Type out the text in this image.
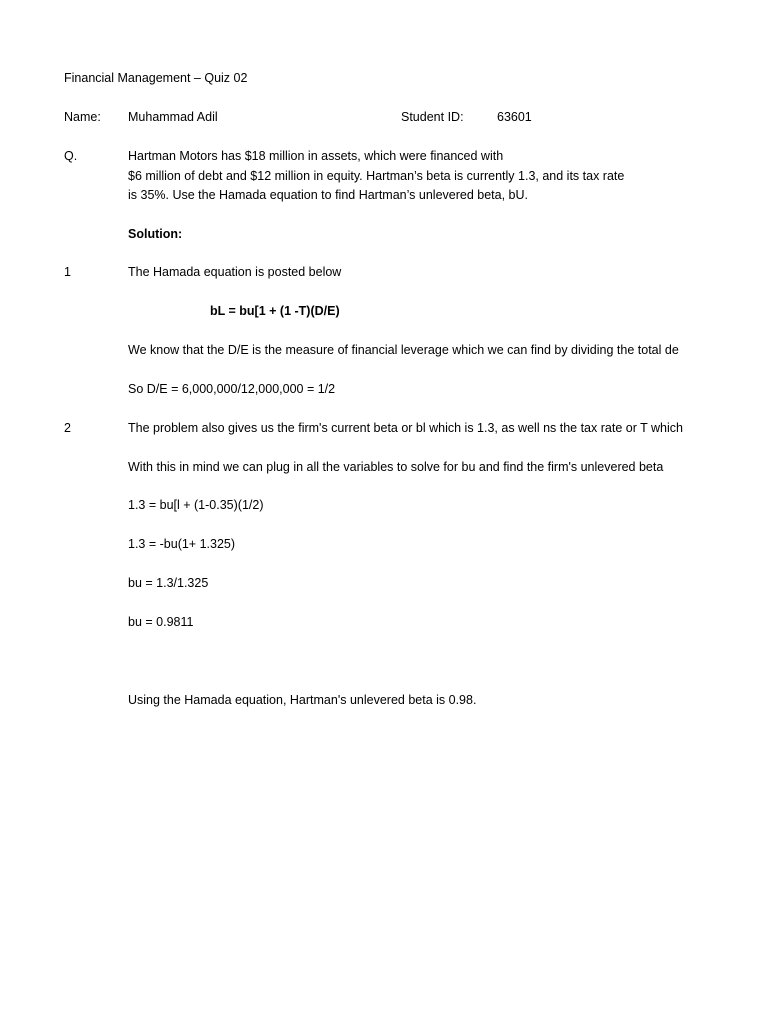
Financial Management – Quiz 02
Name: Muhammad Adil	Student ID:	63601
Q.	Hartman Motors has $18 million in assets, which were financed with
$6 million of debt and $12 million in equity. Hartman’s beta is currently 1.3, and its tax rate
is 35%. Use the Hamada equation to find Hartman’s unlevered beta, bU.
Solution:
1	The Hamada equation is posted below
bL = bu[1 + (1 -T)(D/E)
We know that the D/E is the measure of financial leverage which we can find by dividing the total de
So D/E = 6,000,000/12,000,000 = 1/2
2	The problem also gives us the firm's current beta or bl which is 1.3, as well ns the tax rate or T which
With this in mind we can plug in all the variables to solve for bu and find the firm's unlevered beta
1.3 = bu[l + (1-0.35)(1/2)
1.3 = -bu(1+ 1.325)
bu = 1.3/1.325
bu = 0.9811
Using the Hamada equation, Hartman's unlevered beta is 0.98.
